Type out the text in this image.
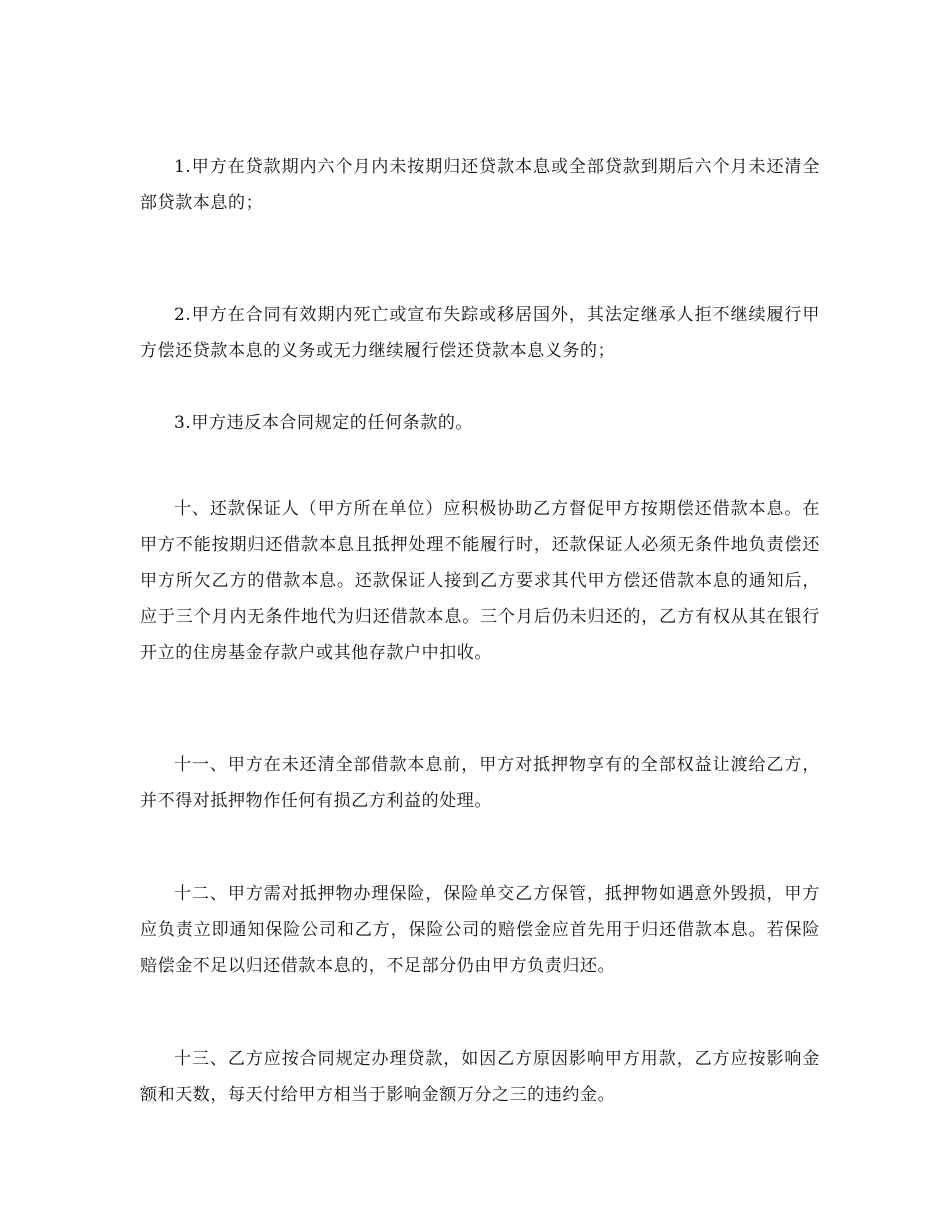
1.甲方在贷款期内六个月内未按期归还贷款本息或全部贷款到期后六个月未还清全部贷款本息的；

2.甲方在合同有效期内死亡或宣布失踪或移居国外，其法定继承人拒不继续履行甲方偿还贷款本息的义务或无力继续履行偿还贷款本息义务的；

3.甲方违反本合同规定的任何条款的。

十、还款保证人（甲方所在单位）应积极协助乙方督促甲方按期偿还借款本息。在甲方不能按期归还借款本息且抵押处理不能履行时，还款保证人必须无条件地负责偿还甲方所欠乙方的借款本息。还款保证人接到乙方要求其代甲方偿还借款本息的通知后，应于三个月内无条件地代为归还借款本息。三个月后仍未归还的，乙方有权从其在银行开立的住房基金存款户或其他存款户中扣收。

十一、甲方在未还清全部借款本息前，甲方对抵押物享有的全部权益让渡给乙方，并不得对抵押物作任何有损乙方利益的处理。

十二、甲方需对抵押物办理保险，保险单交乙方保管，抵押物如遇意外毁损，甲方应负责立即通知保险公司和乙方，保险公司的赔偿金应首先用于归还借款本息。若保险赔偿金不足以归还借款本息的，不足部分仍由甲方负责归还。

十三、乙方应按合同规定办理贷款，如因乙方原因影响甲方用款，乙方应按影响金额和天数，每天付给甲方相当于影响金额万分之三的违约金。
